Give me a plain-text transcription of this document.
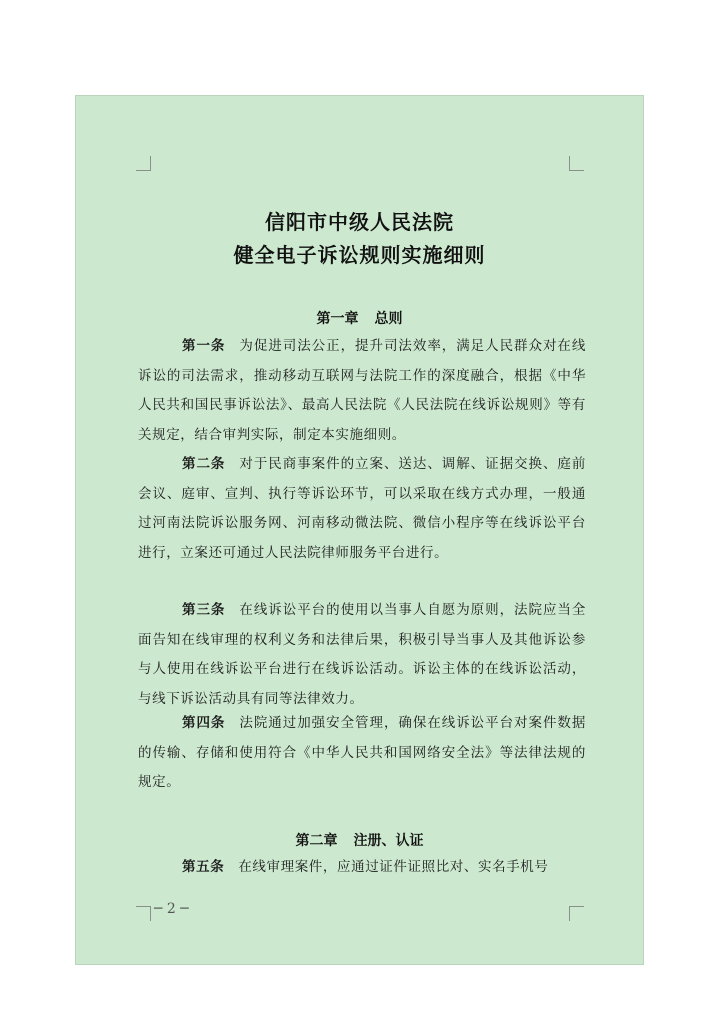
信阳市中级人民法院
健全电子诉讼规则实施细则
第一章 总则

第一条 为促进司法公正，提升司法效率，满足人民群众对在线诉讼的司法需求，推动移动互联网与法院工作的深度融合，根据《中华人民共和国民事诉讼法》、最高人民法院《人民法院在线诉讼规则》等有关规定，结合审判实际，制定本实施细则。

第二条 对于民商事案件的立案、送达、调解、证据交换、庭前会议、庭审、宣判、执行等诉讼环节，可以采取在线方式办理，一般通过河南法院诉讼服务网、河南移动微法院、微信小程序等在线诉讼平台进行，立案还可通过人民法院律师服务平台进行。

第三条 在线诉讼平台的使用以当事人自愿为原则，法院应当全面告知在线审理的权利义务和法律后果，积极引导当事人及其他诉讼参与人使用在线诉讼平台进行在线诉讼活动。诉讼主体的在线诉讼活动，与线下诉讼活动具有同等法律效力。

第四条 法院通过加强安全管理，确保在线诉讼平台对案件数据的传输、存储和使用符合《中华人民共和国网络安全法》等法律法规的规定。

第二章 注册、认证

第五条 在线审理案件，应通过证件证照比对、实名手机号

─ 2 ─
